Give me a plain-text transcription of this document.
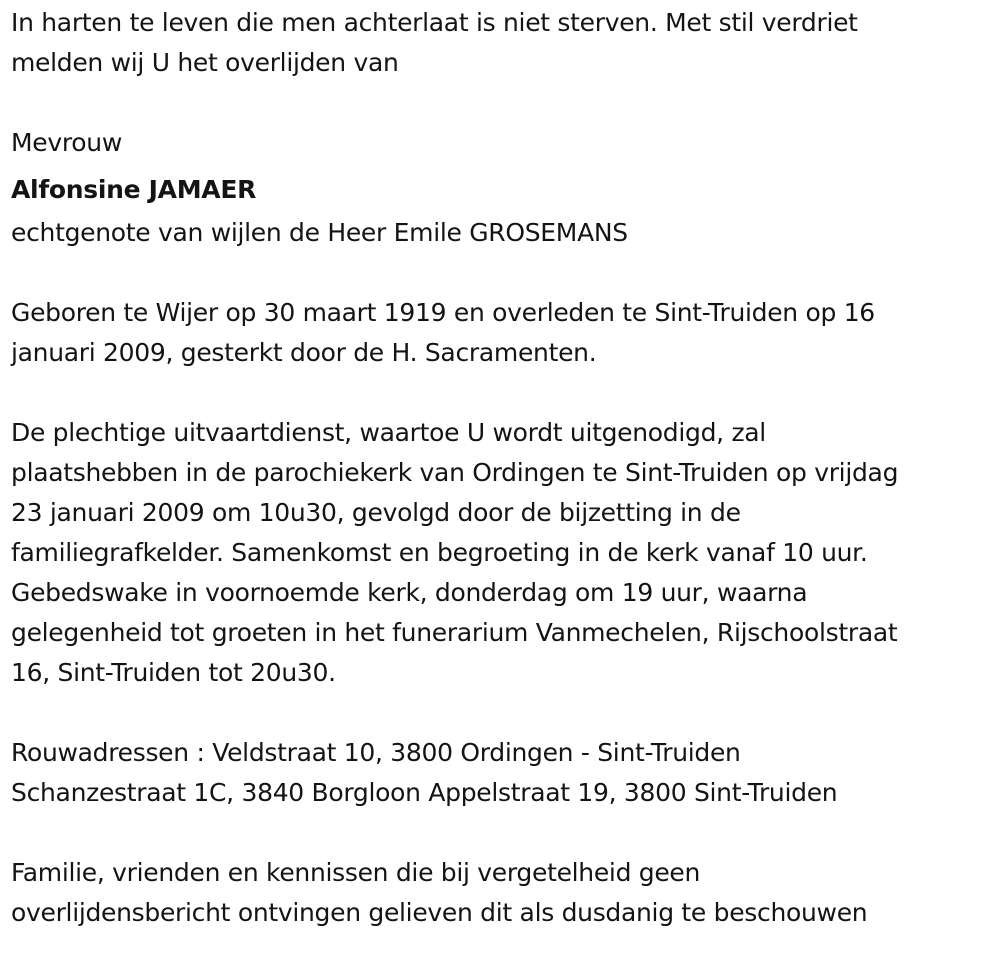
In harten te leven die men achterlaat is niet sterven. Met stil verdriet
melden wij U het overlijden van
Mevrouw
Alfonsine JAMAER
echtgenote van wijlen de Heer Emile GROSEMANS
Geboren te Wijer op 30 maart 1919 en overleden te Sint-Truiden op 16
januari 2009, gesterkt door de H. Sacramenten.
De plechtige uitvaartdienst, waartoe U wordt uitgenodigd, zal
plaatshebben in de parochiekerk van Ordingen te Sint-Truiden op vrijdag
23 januari 2009 om 10u30, gevolgd door de bijzetting in de
familiegrafkelder. Samenkomst en begroeting in de kerk vanaf 10 uur.
Gebedswake in voornoemde kerk, donderdag om 19 uur, waarna
gelegenheid tot groeten in het funerarium Vanmechelen, Rijschoolstraat
16, Sint-Truiden tot 20u30.
Rouwadressen : Veldstraat 10, 3800 Ordingen - Sint-Truiden
Schanzestraat 1C, 3840 Borgloon Appelstraat 19, 3800 Sint-Truiden
Familie, vrienden en kennissen die bij vergetelheid geen
overlijdensbericht ontvingen gelieven dit als dusdanig te beschouwen
